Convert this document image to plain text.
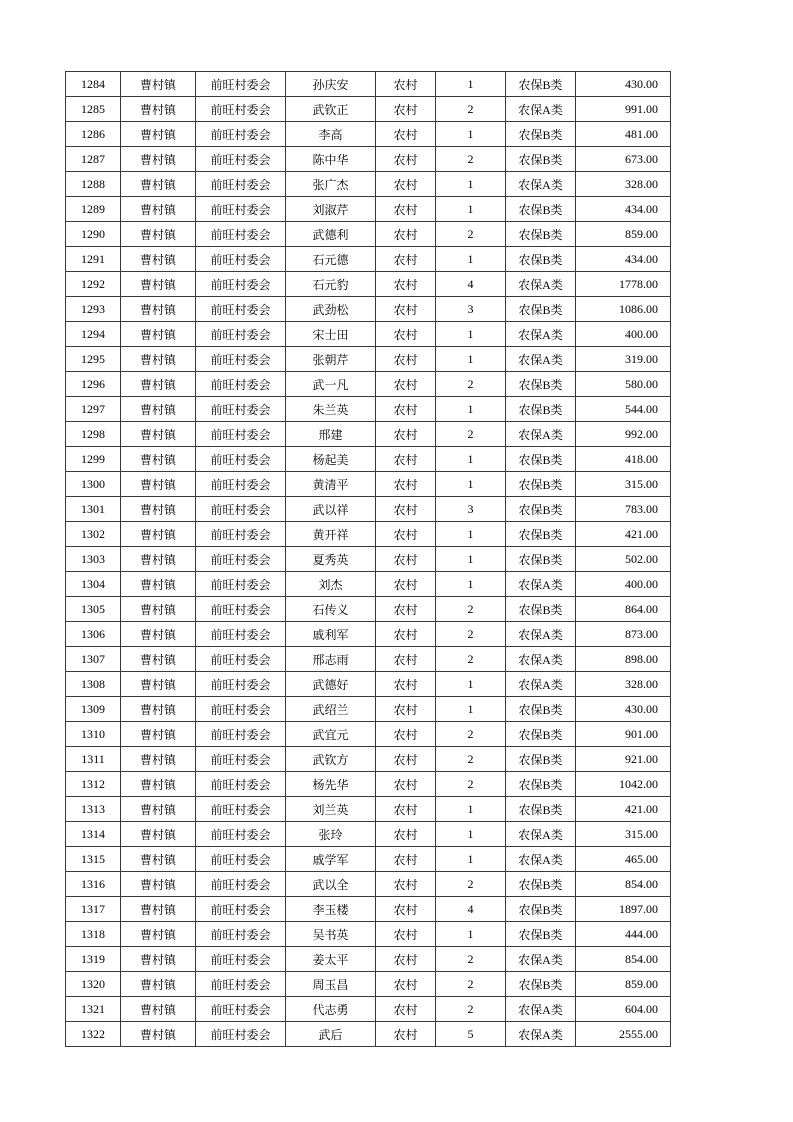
1284	曹村镇	前旺村委会	孙庆安	农村	1	农保B类	430.00
1285	曹村镇	前旺村委会	武钦正	农村	2	农保A类	991.00
1286	曹村镇	前旺村委会	李高	农村	1	农保B类	481.00
1287	曹村镇	前旺村委会	陈中华	农村	2	农保B类	673.00
1288	曹村镇	前旺村委会	张广杰	农村	1	农保A类	328.00
1289	曹村镇	前旺村委会	刘淑芹	农村	1	农保B类	434.00
1290	曹村镇	前旺村委会	武德利	农村	2	农保B类	859.00
1291	曹村镇	前旺村委会	石元德	农村	1	农保B类	434.00
1292	曹村镇	前旺村委会	石元豹	农村	4	农保A类	1778.00
1293	曹村镇	前旺村委会	武劲松	农村	3	农保B类	1086.00
1294	曹村镇	前旺村委会	宋士田	农村	1	农保A类	400.00
1295	曹村镇	前旺村委会	张朝芹	农村	1	农保A类	319.00
1296	曹村镇	前旺村委会	武一凡	农村	2	农保B类	580.00
1297	曹村镇	前旺村委会	朱兰英	农村	1	农保B类	544.00
1298	曹村镇	前旺村委会	邢建	农村	2	农保A类	992.00
1299	曹村镇	前旺村委会	杨起美	农村	1	农保B类	418.00
1300	曹村镇	前旺村委会	黄清平	农村	1	农保B类	315.00
1301	曹村镇	前旺村委会	武以祥	农村	3	农保B类	783.00
1302	曹村镇	前旺村委会	黄开祥	农村	1	农保B类	421.00
1303	曹村镇	前旺村委会	夏秀英	农村	1	农保B类	502.00
1304	曹村镇	前旺村委会	刘杰	农村	1	农保A类	400.00
1305	曹村镇	前旺村委会	石传义	农村	2	农保B类	864.00
1306	曹村镇	前旺村委会	戚利军	农村	2	农保A类	873.00
1307	曹村镇	前旺村委会	邢志雨	农村	2	农保A类	898.00
1308	曹村镇	前旺村委会	武德好	农村	1	农保A类	328.00
1309	曹村镇	前旺村委会	武绍兰	农村	1	农保B类	430.00
1310	曹村镇	前旺村委会	武宜元	农村	2	农保B类	901.00
1311	曹村镇	前旺村委会	武钦方	农村	2	农保B类	921.00
1312	曹村镇	前旺村委会	杨先华	农村	2	农保B类	1042.00
1313	曹村镇	前旺村委会	刘兰英	农村	1	农保B类	421.00
1314	曹村镇	前旺村委会	张玲	农村	1	农保A类	315.00
1315	曹村镇	前旺村委会	戚学军	农村	1	农保A类	465.00
1316	曹村镇	前旺村委会	武以全	农村	2	农保B类	854.00
1317	曹村镇	前旺村委会	李玉楼	农村	4	农保B类	1897.00
1318	曹村镇	前旺村委会	吴书英	农村	1	农保B类	444.00
1319	曹村镇	前旺村委会	姜太平	农村	2	农保A类	854.00
1320	曹村镇	前旺村委会	周玉昌	农村	2	农保B类	859.00
1321	曹村镇	前旺村委会	代志勇	农村	2	农保A类	604.00
1322	曹村镇	前旺村委会	武后	农村	5	农保A类	2555.00
